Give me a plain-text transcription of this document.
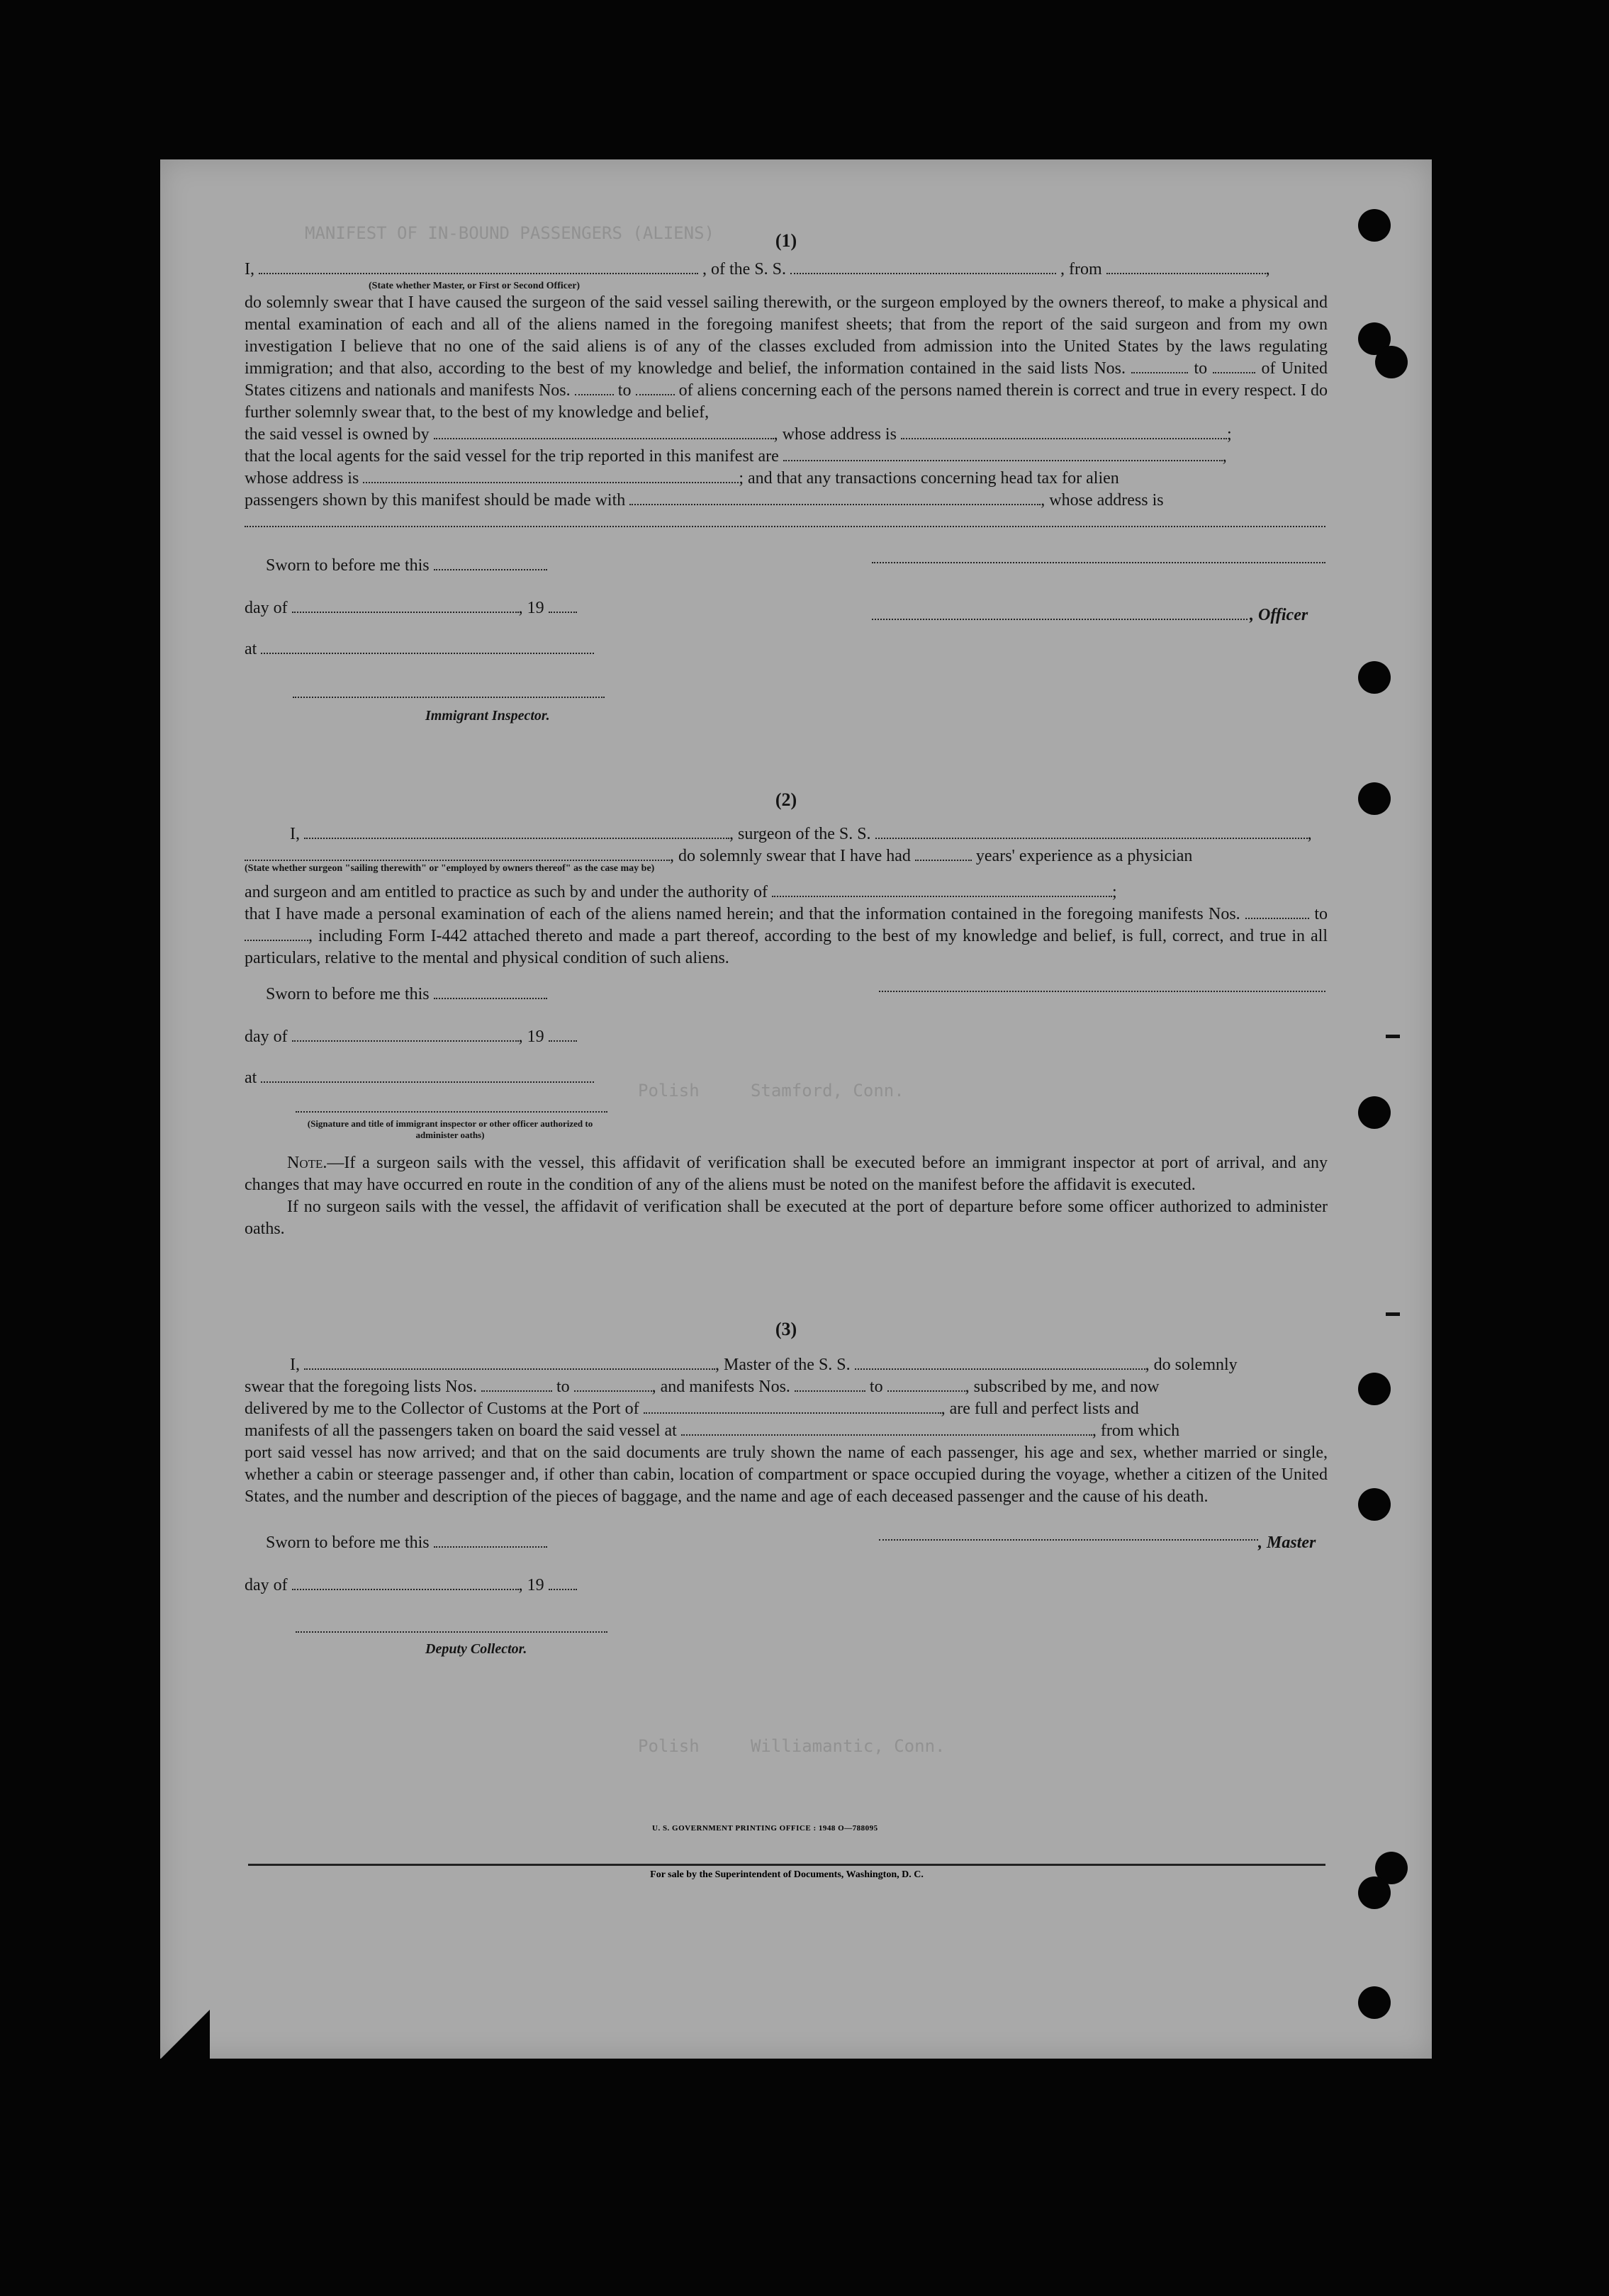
MANIFEST OF IN-BOUND PASSENGERS (ALIENS)
Polish     Stamford, Conn.
Polish     Williamantic, Conn.
(1)
I,	, of the S. S.	, from	,
(State whether Master, or First or Second Officer)
do solemnly swear that I have caused the surgeon of the said vessel sailing therewith, or the surgeon employed by the owners thereof, to make a physical and mental examination of each and all of the aliens named in the foregoing manifest sheets; that from the report of the said surgeon and from my own investigation I believe that no one of the said aliens is of any of the classes excluded from admission into the United States by the laws regulating immigration; and that also, according to the best of my knowledge and belief, the information contained in the said lists Nos.	to	of United States citizens and nationals and manifests Nos.	to	of aliens concerning each of the persons named therein is correct and true in every respect. I do further solemnly swear that, to the best of my knowledge and belief,
the said vessel is owned by	, whose address is	;
that the local agents for the said vessel for the trip reported in this manifest are	,
whose address is	; and that any transactions concerning head tax for alien
passengers shown by this manifest should be made with	, whose address is
Sworn to before me this
day of	, 19	, Officer
at
Immigrant Inspector.
(2)
I,	, surgeon of the S. S.	,
, do solemnly swear that I have had	years' experience as a physician
(State whether surgeon "sailing therewith" or "employed by owners thereof" as the case may be)
and surgeon and am entitled to practice as such by and under the authority of	;
that I have made a personal examination of each of the aliens named herein; and that the information contained in the foregoing manifests Nos.	to , including Form I-442 attached thereto and made a part thereof, according to the best of my knowledge and belief, is full, correct, and true in all particulars, relative to the mental and physical condition of such aliens.
Sworn to before me this
day of	, 19
at
(Signature and title of immigrant inspector or other officer authorized to administer oaths)
Note.—If a surgeon sails with the vessel, this affidavit of verification shall be executed before an immigrant inspector at port of arrival, and any changes that may have occurred en route in the condition of any of the aliens must be noted on the manifest before the affidavit is executed.
If no surgeon sails with the vessel, the affidavit of verification shall be executed at the port of departure before some officer authorized to administer oaths.
(3)
I,	, Master of the S. S.	, do solemnly
swear that the foregoing lists Nos.	to	, and manifests Nos.	to	, subscribed by me, and now
delivered by me to the Collector of Customs at the Port of	, are full and perfect lists and
manifests of all the passengers taken on board the said vessel at	, from which
port said vessel has now arrived; and that on the said documents are truly shown the name of each passenger, his age and sex, whether married or single, whether a cabin or steerage passenger and, if other than cabin, location of compartment or space occupied during the voyage, whether a citizen of the United States, and the number and description of the pieces of baggage, and the name and age of each deceased passenger and the cause of his death.
Sworn to before me this	, Master
day of	, 19
Deputy Collector.
U. S. GOVERNMENT PRINTING OFFICE : 1948 O—788095
For sale by the Superintendent of Documents, Washington, D. C.
